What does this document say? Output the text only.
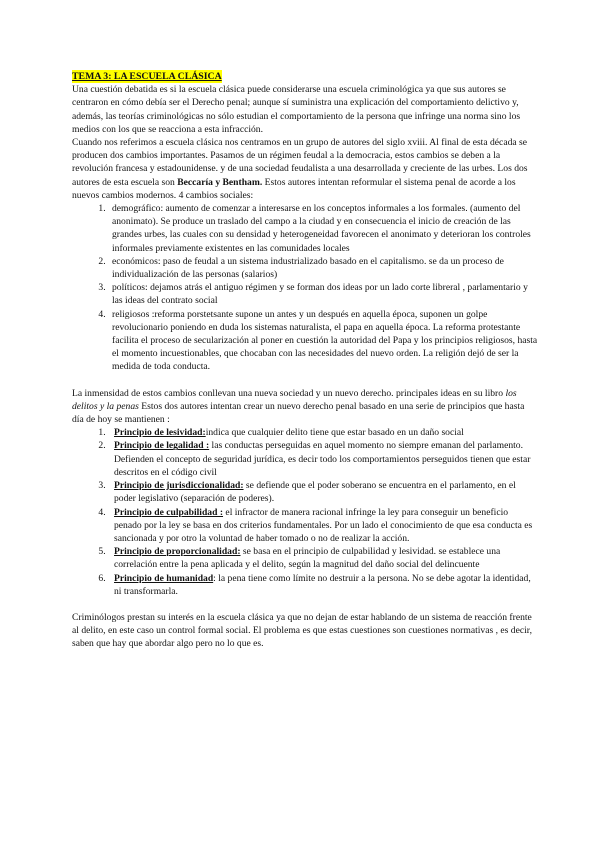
TEMA 3: LA ESCUELA CLÁSICA

Una cuestión debatida es si la escuela clásica puede considerarse una escuela criminológica ya que sus autores se centraron en cómo debía ser el Derecho penal; aunque sí suministra una explicación del comportamiento delictivo y, además, las teorías criminológicas no sólo estudian el comportamiento de la persona que infringe una norma sino los medios con los que se reacciona a esta infracción.

Cuando nos referimos a escuela clásica nos centramos en un grupo de autores del siglo xviii. Al final de esta década se producen dos cambios importantes. Pasamos de un régimen feudal a la democracia, estos cambios se deben a la revolución francesa y estadounidense. y de una sociedad feudalista a una desarrollada y creciente de las urbes. Los dos autores de esta escuela son Beccaría y Bentham. Estos autores intentan reformular el sistema penal de acorde a los nuevos cambios modernos. 4 cambios sociales:

1. demográfico: aumento de comenzar a interesarse en los conceptos informales a los formales. (aumento del anonimato). Se produce un traslado del campo a la ciudad y en consecuencia el inicio de creación de las grandes urbes, las cuales con su densidad y heterogeneidad favorecen el anonimato y deterioran los controles informales previamente existentes en las comunidades locales
2. económicos: paso de feudal a un sistema industrializado basado en el capitalismo. se da un proceso de individualización de las personas (salarios)
3. políticos: dejamos atrás el antiguo régimen y se forman dos ideas por un lado corte libreral , parlamentario y las ideas del contrato social
4. religiosos :reforma porstetsante supone un antes y un después en aquella época, suponen un golpe revolucionario poniendo en duda los sistemas naturalista, el papa en aquella época. La reforma protestante facilita el proceso de secularización al poner en cuestión la autoridad del Papa y los principios religiosos, hasta el momento incuestionables, que chocaban con las necesidades del nuevo orden. La religión dejó de ser la medida de toda conducta.

La inmensidad de estos cambios conllevan una nueva sociedad y un nuevo derecho. principales ideas en su libro los delitos y la penas Estos dos autores intentan crear un nuevo derecho penal basado en una serie de principios que hasta día de hoy se mantienen :

1. Principio de lesividad:indica que cualquier delito tiene que estar basado en un daño social
2. Principio de legalidad : las conductas perseguidas en aquel momento no siempre emanan del parlamento. Defienden el concepto de seguridad jurídica, es decir todo los comportamientos perseguidos tienen que estar descritos en el código civil
3. Principio de jurisdiccionalidad: se defiende que el poder soberano se encuentra en el parlamento, en el poder legislativo (separación de poderes).
4. Principio de culpabilidad : el infractor de manera racional infringe la ley para conseguir un beneficio penado por la ley se basa en dos criterios fundamentales. Por un lado el conocimiento de que esa conducta es sancionada y por otro la voluntad de haber tomado o no de realizar la acción.
5. Principio de proporcionalidad: se basa en el principio de culpabilidad y lesividad. se establece una correlación entre la pena aplicada y el delito, según la magnitud del daño social del delincuente
6. Principio de humanidad: la pena tiene como límite no destruir a la persona. No se debe agotar la identidad, ni transformarla.

Criminólogos prestan su interés en la escuela clásica ya que no dejan de estar hablando de un sistema de reacción frente al delito, en este caso un control formal social. El problema es que estas cuestiones son cuestiones normativas , es decir, saben que hay que abordar algo pero no lo que es.
